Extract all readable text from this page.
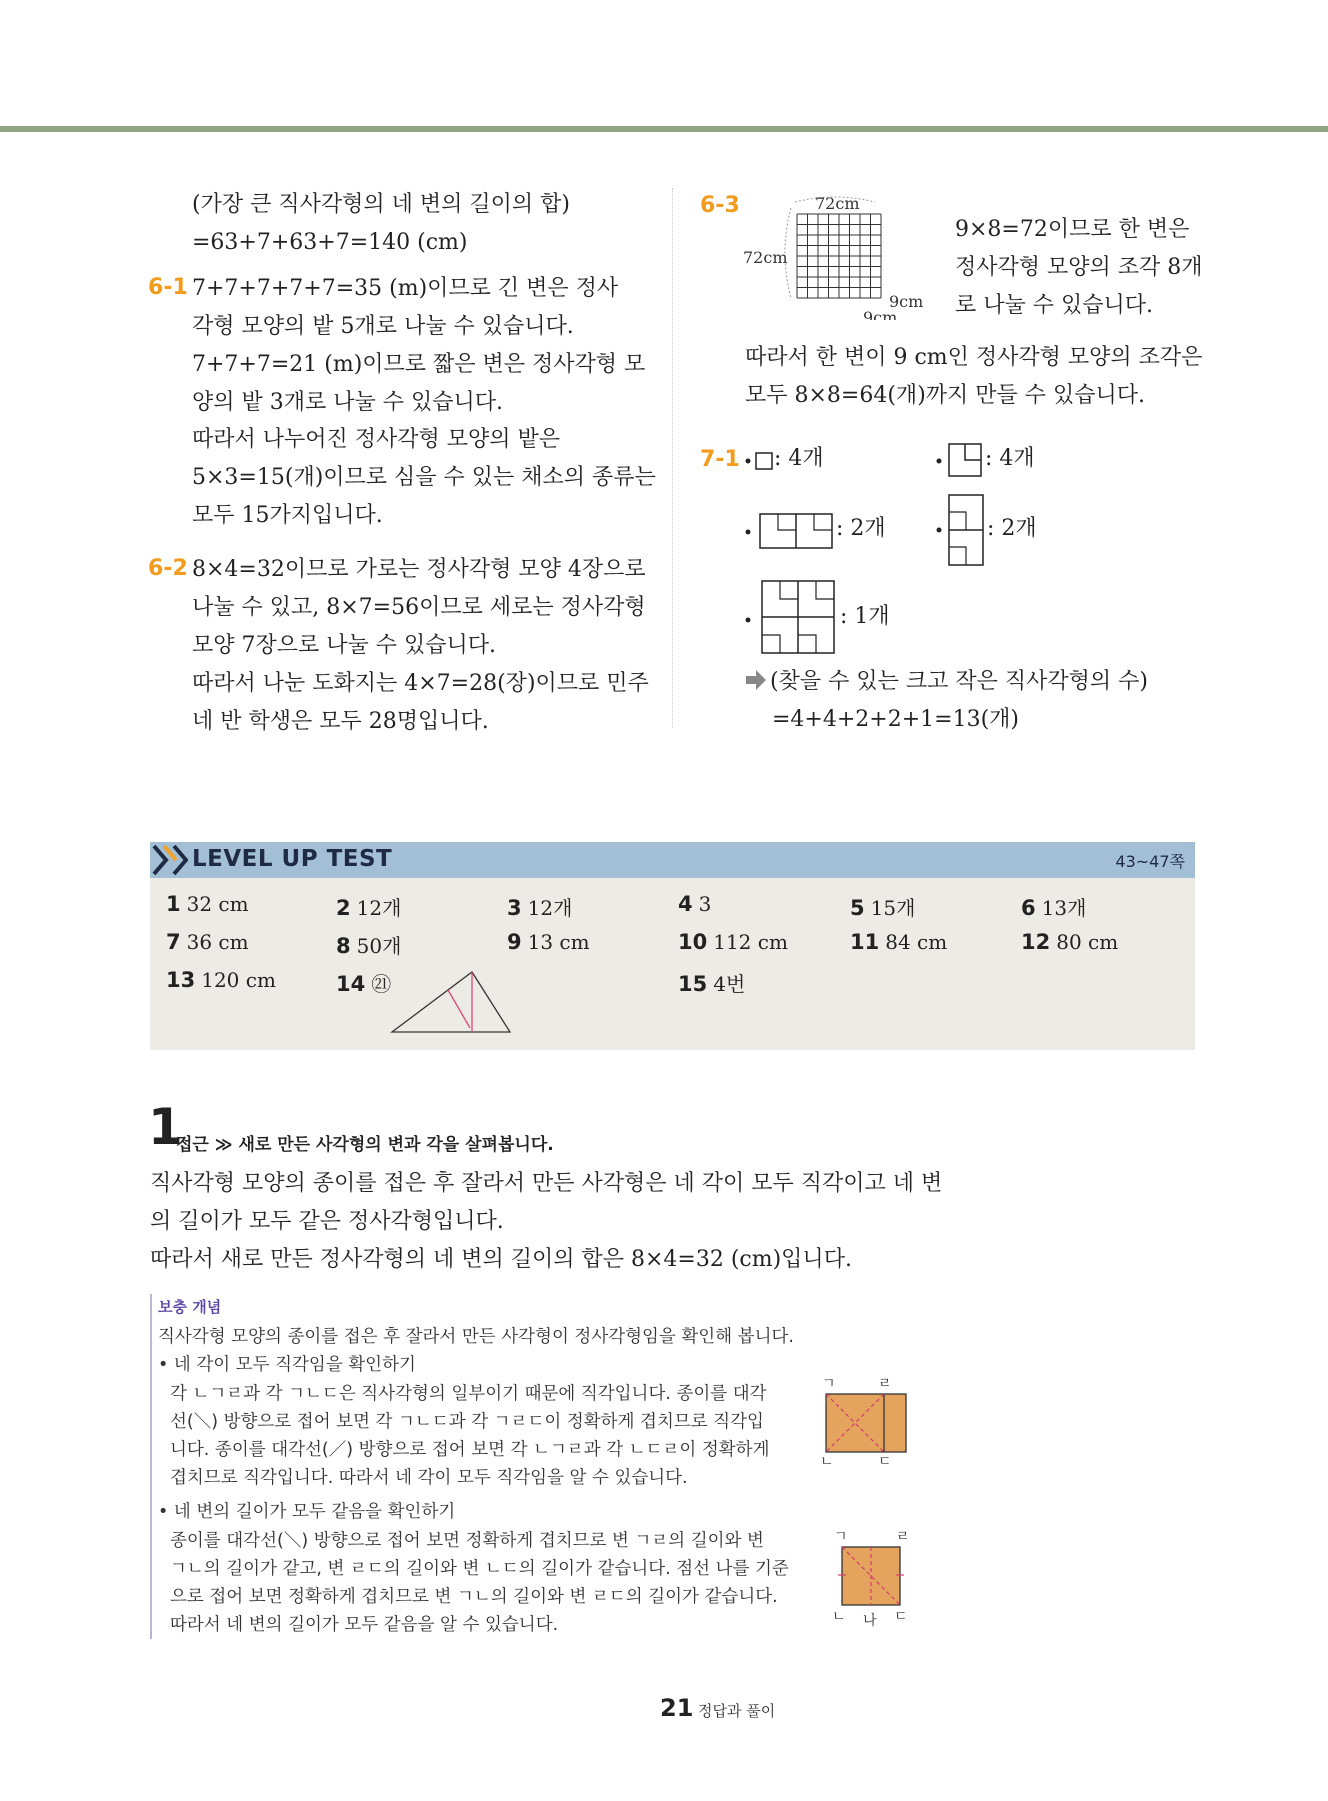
(가장 큰 직사각형의 네 변의 길이의 합)
=63+7+63+7=140 (cm)
6-1 7+7+7+7+7=35 (m)이므로 긴 변은 정사
각형 모양의 밭 5개로 나눌 수 있습니다.
7+7+7=21 (m)이므로 짧은 변은 정사각형 모
양의 밭 3개로 나눌 수 있습니다.
따라서 나누어진 정사각형 모양의 밭은
5×3=15(개)이므로 심을 수 있는 채소의 종류는
모두 15가지입니다.
6-2 8×4=32이므로 가로는 정사각형 모양 4장으로
나눌 수 있고, 8×7=56이므로 세로는 정사각형
모양 7장으로 나눌 수 있습니다.
따라서 나눈 도화지는 4×7=28(장)이므로 민주
네 반 학생은 모두 28명입니다.
6-3	72cm
72cm
9cm
9cm
9×8=72이므로 한 변은
정사각형 모양의 조각 8개
로 나눌 수 있습니다.
따라서 한 변이 9 cm인 정사각형 모양의 조각은
모두 8×8=64(개)까지 만들 수 있습니다.
7-1 : 4개	: 4개
: 2개	: 2개
: 1개
(찾을 수 있는 크고 작은 직사각형의 수)
=4+4+2+2+1=13(개)
LEVEL UP TEST	43~47쪽
1 32 cm	2 12개	3 12개	4 3	5 15개	6 13개
7 36 cm	8 50개	9 13 cm	10 112 cm	11 84 cm	12 80 cm
13 120 cm	14 ㉑	15 4번
1
접근 ≫ 새로 만든 사각형의 변과 각을 살펴봅니다.
직사각형 모양의 종이를 접은 후 잘라서 만든 사각형은 네 각이 모두 직각이고 네 변
의 길이가 모두 같은 정사각형입니다.
따라서 새로 만든 정사각형의 네 변의 길이의 합은 8×4=32 (cm)입니다.
보충 개념
직사각형 모양의 종이를 접은 후 잘라서 만든 사각형이 정사각형임을 확인해 봅니다.
• 네 각이 모두 직각임을 확인하기
각 ㄴㄱㄹ과 각 ㄱㄴㄷ은 직사각형의 일부이기 때문에 직각입니다. 종이를 대각
선(＼) 방향으로 접어 보면 각 ㄱㄴㄷ과 각 ㄱㄹㄷ이 정확하게 겹치므로 직각입
니다. 종이를 대각선(／) 방향으로 접어 보면 각 ㄴㄱㄹ과 각 ㄴㄷㄹ이 정확하게
겹치므로 직각입니다. 따라서 네 각이 모두 직각임을 알 수 있습니다.
• 네 변의 길이가 모두 같음을 확인하기
종이를 대각선(＼) 방향으로 접어 보면 정확하게 겹치므로 변 ㄱㄹ의 길이와 변
ㄱㄴ의 길이가 같고, 변 ㄹㄷ의 길이와 변 ㄴㄷ의 길이가 같습니다. 점선 나를 기준
으로 접어 보면 정확하게 겹치므로 변 ㄱㄴ의 길이와 변 ㄹㄷ의 길이가 같습니다.
따라서 네 변의 길이가 모두 같음을 알 수 있습니다.
ㄱ	ㄹ
ㄴ	ㄷ
ㄱ	ㄹ
ㄴ 나 ㄷ
21 정답과 풀이
